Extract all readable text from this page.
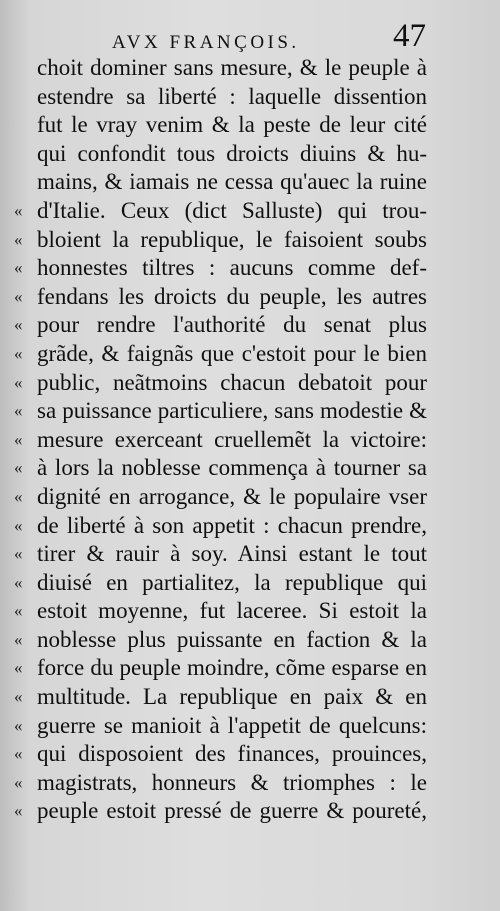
AVX FRANÇOIS.	47
choit dominer sans mesure, & le peuple à
estendre sa liberté : laquelle dissention
fut le vray venim & la peste de leur cité
qui confondit tous droicts diuins & hu-
mains, & iamais ne cessa qu'auec la ruine
« d'Italie. Ceux (dict Salluste) qui trou-
« bloient la republique, le faisoient soubs
« honnestes tiltres : aucuns comme def-
« fendans les droicts du peuple, les autres
« pour rendre l'authorité du senat plus
« grãde, & faignãs que c'estoit pour le bien
« public, neãtmoins chacun debatoit pour
« sa puissance particuliere, sans modestie &
« mesure exerceant cruellemẽt la victoire:
« à lors la noblesse commença à tourner sa
« dignité en arrogance, & le populaire vser
« de liberté à son appetit : chacun prendre,
« tirer & rauir à soy. Ainsi estant le tout
« diuisé en partialitez, la republique qui
« estoit moyenne, fut laceree. Si estoit la
« noblesse plus puissante en faction & la
« force du peuple moindre, cõme esparse en
« multitude. La republique en paix & en
« guerre se manioit à l'appetit de quelcuns:
« qui disposoient des finances, prouinces,
« magistrats, honneurs & triomphes : le
« peuple estoit pressé de guerre & poureté,
